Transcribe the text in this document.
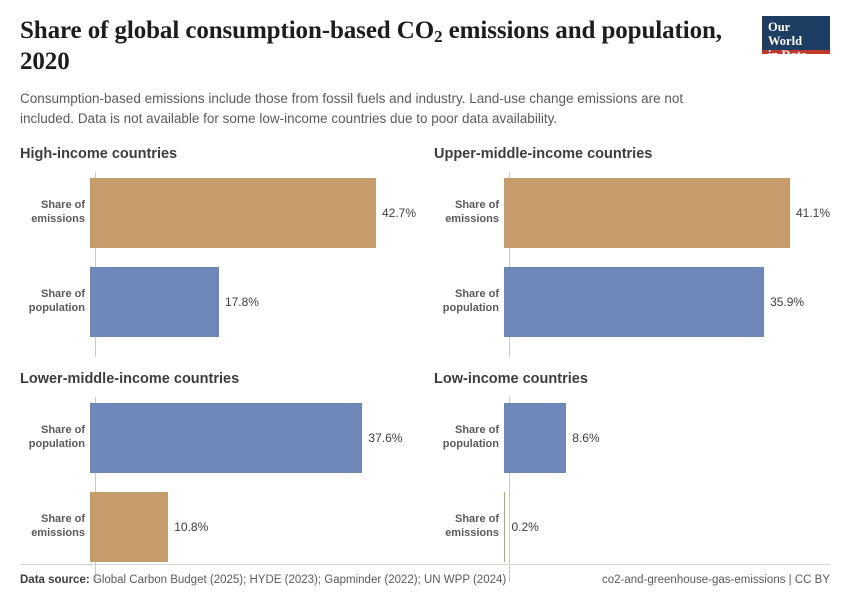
Share of global consumption-based $CO_2$ emissions and population,
2020
Consumption-based emissions include those from fossil fuels and industry. Land-use change emissions are not included. Data is not available for some low-income countries due to poor data availability.
Our World
in Data
High-income countries
Share of
emissions	42.7%
Share of
population	17.8%
Upper-middle-income countries
Share of
emissions	41.1%
Share of
population	35.9%
Lower-middle-income countries
Share of
population	37.6%
Share of
emissions	10.8%
Low-income countries
Share of
population	8.6%
Share of
emissions 0.2%
Data source: Global Carbon Budget (2025); HYDE (2023); Gapminder (2022); UN WPP (2024)	co2-and-greenhouse-gas-emissions | CC BY
